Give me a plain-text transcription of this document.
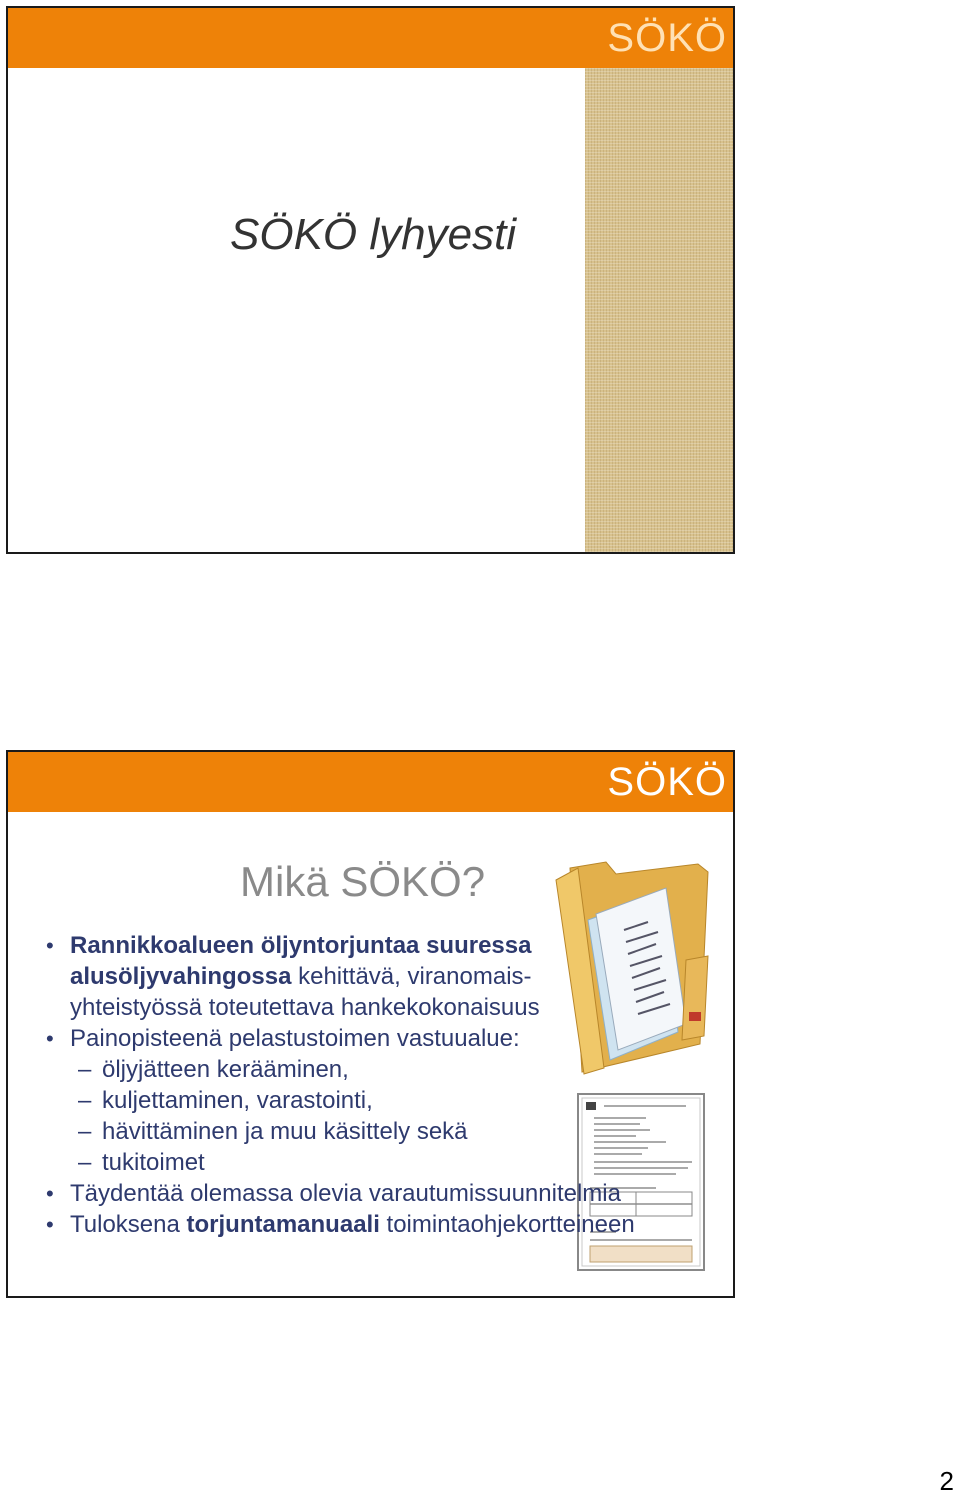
SÖKÖ
SÖKÖ lyhyesti
SÖKÖ
Mikä SÖKÖ?
• Rannikkoalueen öljyntorjuntaa suuressa
alusöljyvahingossa kehittävä, viranomais-
yhteistyössä toteutettava hankekokonaisuus
• Painopisteenä pelastustoimen vastuualue:
– öljyjätteen kerääminen,
– kuljettaminen, varastointi,
– hävittäminen ja muu käsittely sekä
– tukitoimet
• Täydentää olemassa olevia varautumissuunnitelmia
• Tuloksena torjuntamanuaali toimintaohjekortteineen
2
